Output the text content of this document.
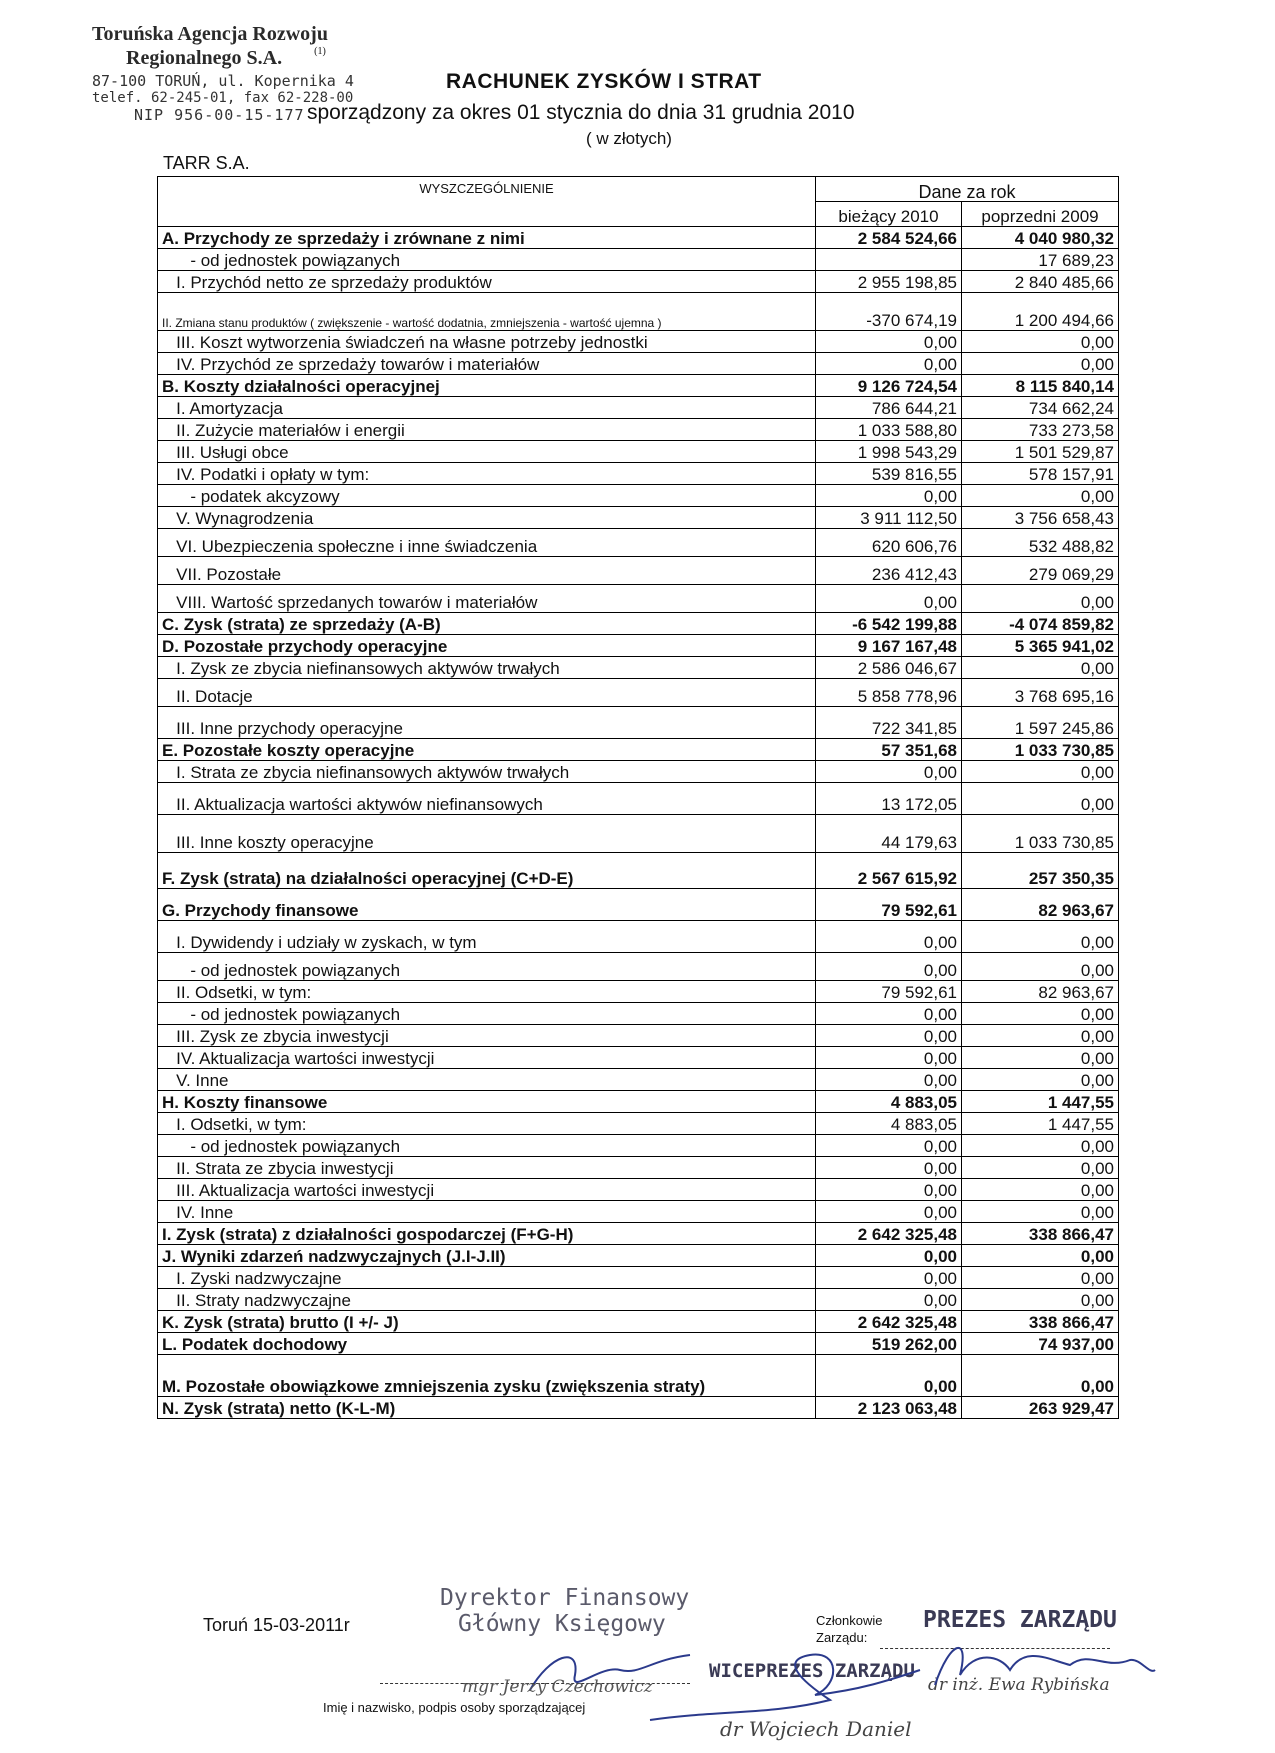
Toruńska Agencja Rozwoju
Regionalnego S.A.	$^{(1)}$
87-100 TORUŃ, ul. Kopernika 4
telef. 62-245-01, fax 62-228-00
NIP 956-00-15-177
RACHUNEK ZYSKÓW I STRAT
sporządzony za okres 01 stycznia do dnia 31 grudnia 2010
( w złotych)
TARR S.A.
WYSZCZEGÓLNIENIE	Dane za rok	
	bieżący 2010	poprzedni 2009
A. Przychody ze sprzedaży i zrównane z nimi	2 584 524,66	4 040 980,32
- od jednostek powiązanych		17 689,23
I. Przychód netto ze sprzedaży produktów	2 955 198,85	2 840 485,66
II. Zmiana stanu produktów ( zwiększenie - wartość dodatnia, zmniejszenia - wartość ujemna )	-370 674,19	1 200 494,66
III. Koszt wytworzenia świadczeń na własne potrzeby jednostki	0,00	0,00
IV. Przychód ze sprzedaży towarów i materiałów	0,00	0,00
B. Koszty działalności operacyjnej	9 126 724,54	8 115 840,14
I. Amortyzacja	786 644,21	734 662,24
II. Zużycie materiałów i energii	1 033 588,80	733 273,58
III. Usługi obce	1 998 543,29	1 501 529,87
IV. Podatki i opłaty w tym:	539 816,55	578 157,91
- podatek akcyzowy	0,00	0,00
V. Wynagrodzenia	3 911 112,50	3 756 658,43
VI. Ubezpieczenia społeczne i inne świadczenia	620 606,76	532 488,82
VII. Pozostałe	236 412,43	279 069,29
VIII. Wartość sprzedanych towarów i materiałów	0,00	0,00
C. Zysk (strata) ze sprzedaży (A-B)	-6 542 199,88	-4 074 859,82
D. Pozostałe przychody operacyjne	9 167 167,48	5 365 941,02
I. Zysk ze zbycia niefinansowych aktywów trwałych	2 586 046,67	0,00
II. Dotacje	5 858 778,96	3 768 695,16
III. Inne przychody operacyjne	722 341,85	1 597 245,86
E. Pozostałe koszty operacyjne	57 351,68	1 033 730,85
I. Strata ze zbycia niefinansowych aktywów trwałych	0,00	0,00
II. Aktualizacja wartości aktywów niefinansowych	13 172,05	0,00
III. Inne koszty operacyjne	44 179,63	1 033 730,85
F. Zysk (strata) na działalności operacyjnej (C+D-E)	2 567 615,92	257 350,35
G. Przychody finansowe	79 592,61	82 963,67
I. Dywidendy i udziały w zyskach, w tym	0,00	0,00
- od jednostek powiązanych	0,00	0,00
II. Odsetki, w tym:	79 592,61	82 963,67
- od jednostek powiązanych	0,00	0,00
III. Zysk ze zbycia inwestycji	0,00	0,00
IV. Aktualizacja wartości inwestycji	0,00	0,00
V. Inne	0,00	0,00
H. Koszty finansowe	4 883,05	1 447,55
I. Odsetki, w tym:	4 883,05	1 447,55
- od jednostek powiązanych	0,00	0,00
II. Strata ze zbycia inwestycji	0,00	0,00
III. Aktualizacja wartości inwestycji	0,00	0,00
IV. Inne	0,00	0,00
I. Zysk (strata) z działalności gospodarczej (F+G-H)	2 642 325,48	338 866,47
J. Wyniki zdarzeń nadzwyczajnych (J.I-J.II)	0,00	0,00
I. Zyski nadzwyczajne	0,00	0,00
II. Straty nadzwyczajne	0,00	0,00
K. Zysk (strata) brutto (I +/- J)	2 642 325,48	338 866,47
L. Podatek dochodowy	519 262,00	74 937,00
M. Pozostałe obowiązkowe zmniejszenia zysku (zwiększenia straty)	0,00	0,00
N. Zysk (strata) netto (K-L-M)	2 123 063,48	263 929,47
Toruń 15-03-2011r
Dyrektor Finansowy
Główny Księgowy
mgr Jerzy Czechowicz
Imię i nazwisko, podpis osoby sporządzającej
Członkowie
Zarządu:
PREZES ZARZĄDU
dr inż. Ewa Rybińska
WICEPREZES ZARZĄDU
dr Wojciech Daniel
